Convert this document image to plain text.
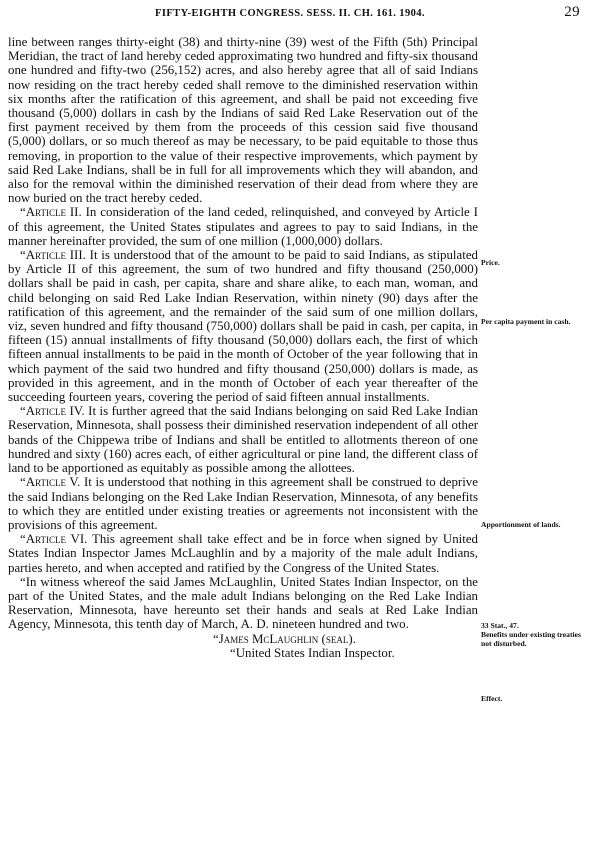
FIFTY-EIGHTH CONGRESS. SESS. II. CH. 161. 1904.	29

line between ranges thirty-eight (38) and thirty-nine (39) west of the Fifth (5th) Principal Meridian, the tract of land hereby ceded approximating two hundred and fifty-six thousand one hundred and fifty-two (256,152) acres, and also hereby agree that all of said Indians now residing on the tract hereby ceded shall remove to the diminished reservation within six months after the ratification of this agreement, and shall be paid not exceeding five thousand (5,000) dollars in cash by the Indians of said Red Lake Reservation out of the first payment received by them from the proceeds of this cession said five thousand (5,000) dollars, or so much thereof as may be necessary, to be paid equitable to those thus removing, in proportion to the value of their respective improvements, which payment by said Red Lake Indians, shall be in full for all improvements which they will abandon, and also for the removal within the diminished reservation of their dead from where they are now buried on the tract hereby ceded.

“Article II. In consideration of the land ceded, relinquished, and conveyed by Article I of this agreement, the United States stipulates and agrees to pay to said Indians, in the manner hereinafter provided, the sum of one million (1,000,000) dollars.

“Article III. It is understood that of the amount to be paid to said Indians, as stipulated by Article II of this agreement, the sum of two hundred and fifty thousand (250,000) dollars shall be paid in cash, per capita, share and share alike, to each man, woman, and child belonging on said Red Lake Indian Reservation, within ninety (90) days after the ratification of this agreement, and the remainder of the said sum of one million dollars, viz, seven hundred and fifty thousand (750,000) dollars shall be paid in cash, per capita, in fifteen (15) annual installments of fifty thousand (50,000) dollars each, the first of which fifteen annual installments to be paid in the month of October of the year following that in which payment of the said two hundred and fifty thousand (250,000) dollars is made, as provided in this agreement, and in the month of October of each year thereafter of the succeeding fourteen years, covering the period of said fifteen annual installments.

“Article IV. It is further agreed that the said Indians belonging on said Red Lake Indian Reservation, Minnesota, shall possess their diminished reservation independent of all other bands of the Chippewa tribe of Indians and shall be entitled to allotments thereon of one hundred and sixty (160) acres each, of either agricultural or pine land, the different class of land to be apportioned as equitably as possible among the allottees.

“Article V. It is understood that nothing in this agreement shall be construed to deprive the said Indians belonging on the Red Lake Indian Reservation, Minnesota, of any benefits to which they are entitled under existing treaties or agreements not inconsistent with the provisions of this agreement.

“Article VI. This agreement shall take effect and be in force when signed by United States Indian Inspector James McLaughlin and by a majority of the male adult Indians, parties hereto, and when accepted and ratified by the Congress of the United States.

“In witness whereof the said James McLaughlin, United States Indian Inspector, on the part of the United States, and the male adult Indians belonging on the Red Lake Indian Reservation, Minnesota, have hereunto set their hands and seals at Red Lake Indian Agency, Minnesota, this tenth day of March, A. D. nineteen hundred and two.

“James McLaughlin (seal).

“United States Indian Inspector.

Price.
Per capita payment in cash.
Apportionment of lands.
33 Stat., 47.
Benefits under existing treaties not disturbed.
Effect.
